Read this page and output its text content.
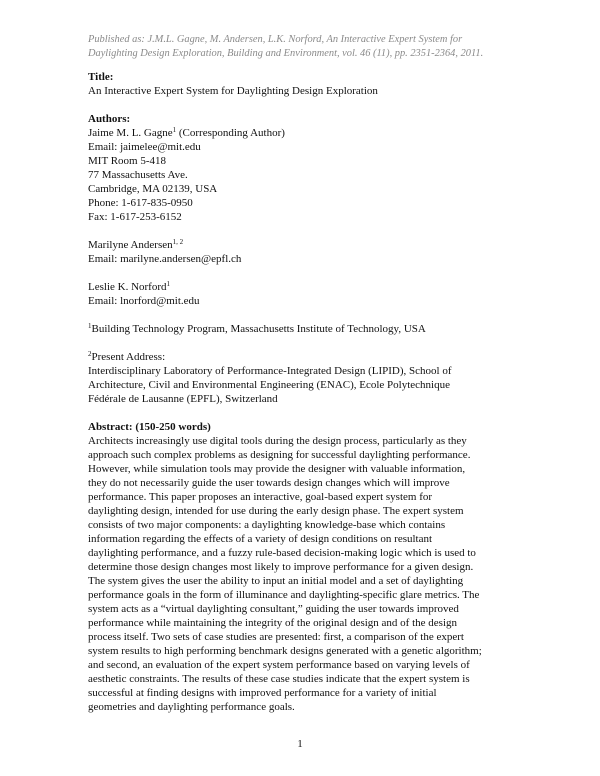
Published as: J.M.L. Gagne, M. Andersen, L.K. Norford, An Interactive Expert System for
Daylighting Design Exploration, Building and Environment, vol. 46 (11), pp. 2351-2364, 2011.
Title:
An Interactive Expert System for Daylighting Design Exploration
Authors:
Jaime M. L. Gagne$^1$ (Corresponding Author)
Email: jaimelee@mit.edu
MIT Room 5-418
77 Massachusetts Ave.
Cambridge, MA 02139, USA
Phone: 1-617-835-0950
Fax: 1-617-253-6152
Marilyne Andersen$^{1, 2}$
Email: marilyne.andersen@epfl.ch
Leslie K. Norford$^1$
Email: lnorford@mit.edu
$^1$Building Technology Program, Massachusetts Institute of Technology, USA
$^2$Present Address:
Interdisciplinary Laboratory of Performance-Integrated Design (LIPID), School of
Architecture, Civil and Environmental Engineering (ENAC), Ecole Polytechnique
Fédérale de Lausanne (EPFL), Switzerland
Abstract: (150-250 words)
Architects increasingly use digital tools during the design process, particularly as they
approach such complex problems as designing for successful daylighting performance.
However, while simulation tools may provide the designer with valuable information,
they do not necessarily guide the user towards design changes which will improve
performance. This paper proposes an interactive, goal-based expert system for
daylighting design, intended for use during the early design phase. The expert system
consists of two major components: a daylighting knowledge-base which contains
information regarding the effects of a variety of design conditions on resultant
daylighting performance, and a fuzzy rule-based decision-making logic which is used to
determine those design changes most likely to improve performance for a given design.
The system gives the user the ability to input an initial model and a set of daylighting
performance goals in the form of illuminance and daylighting-specific glare metrics. The
system acts as a “virtual daylighting consultant,” guiding the user towards improved
performance while maintaining the integrity of the original design and of the design
process itself. Two sets of case studies are presented: first, a comparison of the expert
system results to high performing benchmark designs generated with a genetic algorithm;
and second, an evaluation of the expert system performance based on varying levels of
aesthetic constraints. The results of these case studies indicate that the expert system is
successful at finding designs with improved performance for a variety of initial
geometries and daylighting performance goals.
1
